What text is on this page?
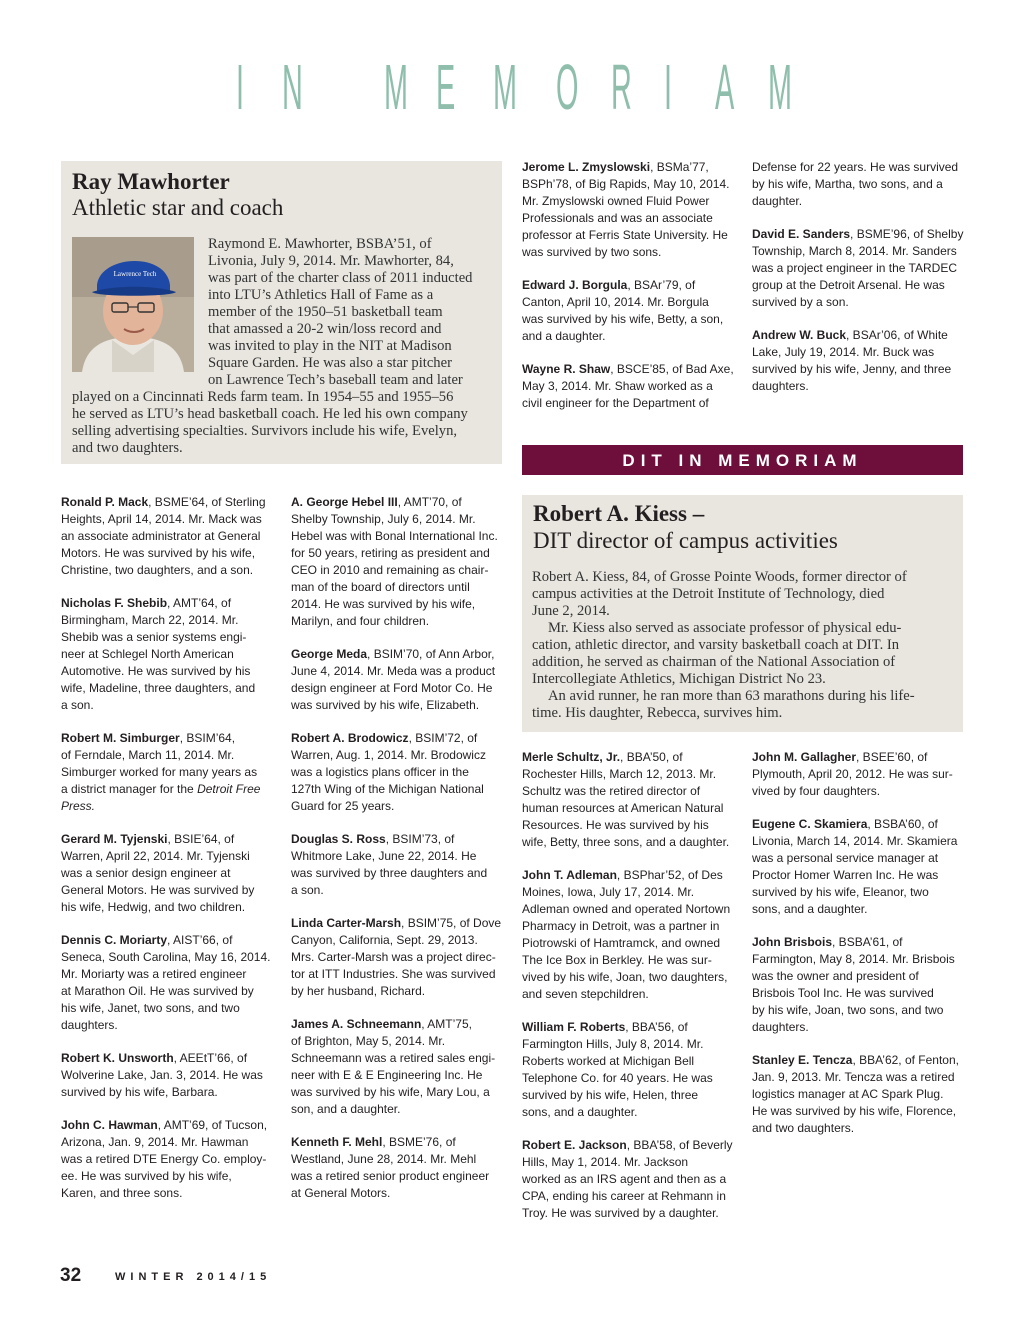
I N M E M O R I A M
Ray Mawhorter
Athletic star and coach
Lawrence Tech
Raymond E. Mawhorter, BSBA’51, of
Livonia, July 9, 2014. Mr. Mawhorter, 84,
was part of the charter class of 2011 inducted
into LTU’s Athletics Hall of Fame as a
member of the 1950–51 basketball team
that amassed a 20-2 win/loss record and
was invited to play in the NIT at Madison
Square Garden. He was also a star pitcher
on Lawrence Tech’s baseball team and later
played on a Cincinnati Reds farm team. In 1954–55 and 1955–56
he served as LTU’s head basketball coach. He led his own company
selling advertising specialties. Survivors include his wife, Evelyn,
and two daughters.
Ronald P. Mack, BSME’64, of Sterling
Heights, April 14, 2014. Mr. Mack was
an associate administrator at General
Motors. He was survived by his wife,
Christine, two daughters, and a son.
Nicholas F. Shebib, AMT’64, of
Birmingham, March 22, 2014. Mr.
Shebib was a senior systems engi-
neer at Schlegel North American
Automotive. He was survived by his
wife, Madeline, three daughters, and
a son.
Robert M. Simburger, BSIM’64,
of Ferndale, March 11, 2014. Mr.
Simburger worked for many years as
a district manager for the Detroit Free
Press.
Gerard M. Tyjenski, BSIE’64, of
Warren, April 22, 2014. Mr. Tyjenski
was a senior design engineer at
General Motors. He was survived by
his wife, Hedwig, and two children.
Dennis C. Moriarty, AIST’66, of
Seneca, South Carolina, May 16, 2014.
Mr. Moriarty was a retired engineer
at Marathon Oil. He was survived by
his wife, Janet, two sons, and two
daughters.
Robert K. Unsworth, AEEtT’66, of
Wolverine Lake, Jan. 3, 2014. He was
survived by his wife, Barbara.
John C. Hawman, AMT’69, of Tucson,
Arizona, Jan. 9, 2014. Mr. Hawman
was a retired DTE Energy Co. employ-
ee. He was survived by his wife,
Karen, and three sons.
A. George Hebel III, AMT’70, of
Shelby Township, July 6, 2014. Mr.
Hebel was with Bonal International Inc.
for 50 years, retiring as president and
CEO in 2010 and remaining as chair-
man of the board of directors until
2014. He was survived by his wife,
Marilyn, and four children.
George Meda, BSIM’70, of Ann Arbor,
June 4, 2014. Mr. Meda was a product
design engineer at Ford Motor Co. He
was survived by his wife, Elizabeth.
Robert A. Brodowicz, BSIM’72, of
Warren, Aug. 1, 2014. Mr. Brodowicz
was a logistics plans officer in the
127th Wing of the Michigan National
Guard for 25 years.
Douglas S. Ross, BSIM’73, of
Whitmore Lake, June 22, 2014. He
was survived by three daughters and
a son.
Linda Carter-Marsh, BSIM’75, of Dove
Canyon, California, Sept. 29, 2013.
Mrs. Carter-Marsh was a project direc-
tor at ITT Industries. She was survived
by her husband, Richard.
James A. Schneemann, AMT’75,
of Brighton, May 5, 2014. Mr.
Schneemann was a retired sales engi-
neer with E & E Engineering Inc. He
was survived by his wife, Mary Lou, a
son, and a daughter.
Kenneth F. Mehl, BSME’76, of
Westland, June 28, 2014. Mr. Mehl
was a retired senior product engineer
at General Motors.
Jerome L. Zmyslowski, BSMa’77,
BSPh’78, of Big Rapids, May 10, 2014.
Mr. Zmyslowski owned Fluid Power
Professionals and was an associate
professor at Ferris State University. He
was survived by two sons.
Edward J. Borgula, BSAr’79, of
Canton, April 10, 2014. Mr. Borgula
was survived by his wife, Betty, a son,
and a daughter.
Wayne R. Shaw, BSCE’85, of Bad Axe,
May 3, 2014. Mr. Shaw worked as a
civil engineer for the Department of
Defense for 22 years. He was survived
by his wife, Martha, two sons, and a
daughter.
David E. Sanders, BSME’96, of Shelby
Township, March 8, 2014. Mr. Sanders
was a project engineer in the TARDEC
group at the Detroit Arsenal. He was
survived by a son.
Andrew W. Buck, BSAr’06, of White
Lake, July 19, 2014. Mr. Buck was
survived by his wife, Jenny, and three
daughters.
DIT IN MEMORIAM
Robert A. Kiess –
DIT director of campus activities
Robert A. Kiess, 84, of Grosse Pointe Woods, former director of
campus activities at the Detroit Institute of Technology, died
June 2, 2014.
Mr. Kiess also served as associate professor of physical edu-
cation, athletic director, and varsity basketball coach at DIT. In
addition, he served as chairman of the National Association of
Intercollegiate Athletics, Michigan District No 23.
An avid runner, he ran more than 63 marathons during his life-
time. His daughter, Rebecca, survives him.
Merle Schultz, Jr., BBA’50, of
Rochester Hills, March 12, 2013. Mr.
Schultz was the retired director of
human resources at American Natural
Resources. He was survived by his
wife, Betty, three sons, and a daughter.
John T. Adleman, BSPhar’52, of Des
Moines, Iowa, July 17, 2014. Mr.
Adleman owned and operated Nortown
Pharmacy in Detroit, was a partner in
Piotrowski of Hamtramck, and owned
The Ice Box in Berkley. He was sur-
vived by his wife, Joan, two daughters,
and seven stepchildren.
William F. Roberts, BBA’56, of
Farmington Hills, July 8, 2014. Mr.
Roberts worked at Michigan Bell
Telephone Co. for 40 years. He was
survived by his wife, Helen, three
sons, and a daughter.
Robert E. Jackson, BBA’58, of Beverly
Hills, May 1, 2014. Mr. Jackson
worked as an IRS agent and then as a
CPA, ending his career at Rehmann in
Troy. He was survived by a daughter.
John M. Gallagher, BSEE’60, of
Plymouth, April 20, 2012. He was sur-
vived by four daughters.
Eugene C. Skamiera, BSBA’60, of
Livonia, March 14, 2014. Mr. Skamiera
was a personal service manager at
Proctor Homer Warren Inc. He was
survived by his wife, Eleanor, two
sons, and a daughter.
John Brisbois, BSBA’61, of
Farmington, May 8, 2014. Mr. Brisbois
was the owner and president of
Brisbois Tool Inc. He was survived
by his wife, Joan, two sons, and two
daughters.
Stanley E. Tencza, BBA’62, of Fenton,
Jan. 9, 2013. Mr. Tencza was a retired
logistics manager at AC Spark Plug.
He was survived by his wife, Florence,
and two daughters.
32	WINTER 2014/15
